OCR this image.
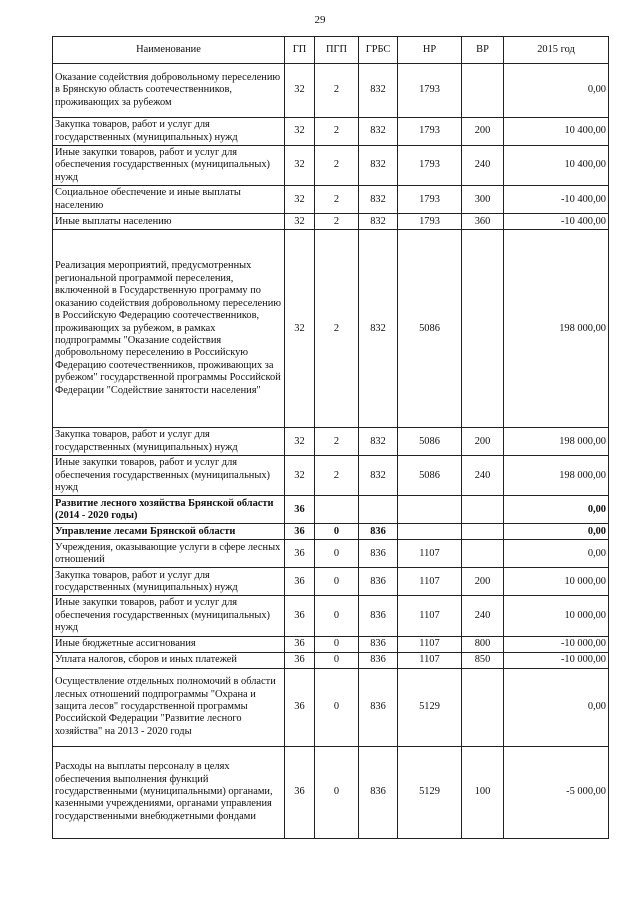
29
Наименование	ГП	ПГП	ГРБС	НР	ВР	2015 год
Оказание содействия добровольному переселению в Брянскую область соотечественников, проживающих за рубежом	32	2	832	1793		0,00
Закупка товаров, работ и услуг для государственных (муниципальных) нужд	32	2	832	1793	200	10 400,00
Иные закупки товаров, работ и услуг для обеспечения государственных (муниципальных) нужд	32	2	832	1793	240	10 400,00
Социальное обеспечение и иные выплаты населению	32	2	832	1793	300	-10 400,00
Иные выплаты населению	32	2	832	1793	360	-10 400,00
Реализация мероприятий, предусмотренных региональной программой переселения, включенной в Государственную программу по оказанию содействия добровольному переселению в Российскую Федерацию соотечественников, проживающих за рубежом, в рамках подпрограммы "Оказание содействия добровольному переселению в Российскую Федерацию соотечественников, проживающих за рубежом" государственной программы Российской Федерации "Содействие занятости населения"	32	2	832	5086		198 000,00
Закупка товаров, работ и услуг для государственных (муниципальных) нужд	32	2	832	5086	200	198 000,00
Иные закупки товаров, работ и услуг для обеспечения государственных (муниципальных) нужд	32	2	832	5086	240	198 000,00
Развитие лесного хозяйства Брянской области (2014 - 2020 годы)	36					0,00
Управление лесами Брянской области	36	0	836			0,00
Учреждения, оказывающие услуги в сфере лесных отношений	36	0	836	1107		0,00
Закупка товаров, работ и услуг для государственных (муниципальных) нужд	36	0	836	1107	200	10 000,00
Иные закупки товаров, работ и услуг для обеспечения государственных (муниципальных) нужд	36	0	836	1107	240	10 000,00
Иные бюджетные ассигнования	36	0	836	1107	800	-10 000,00
Уплата налогов, сборов и иных платежей	36	0	836	1107	850	-10 000,00
Осуществление отдельных полномочий в области лесных отношений подпрограммы "Охрана и защита лесов" государственной программы Российской Федерации "Развитие лесного хозяйства" на 2013 - 2020 годы	36	0	836	5129		0,00
Расходы на выплаты персоналу в целях обеспечения выполнения функций государственными (муниципальными) органами, казенными учреждениями, органами управления государственными внебюджетными фондами	36	0	836	5129	100	-5 000,00
